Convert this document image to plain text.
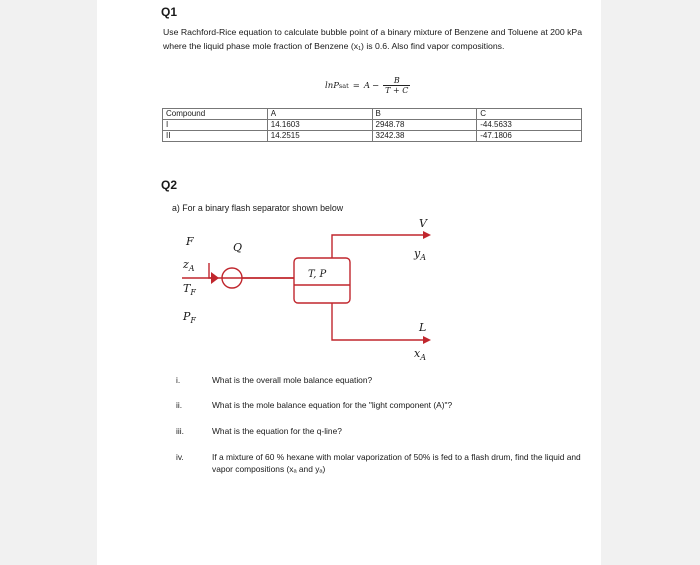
Q1
Use Rachford-Rice equation to calculate bubble point of a binary mixture of Benzene and Toluene at 200 kPa where the liquid phase mole fraction of Benzene (x₁) is 0.6. Also find vapor compositions.
lnP sat = $A - \frac{B}{T + C}$
Compound	A	B	C
I	14.1603	2948.78	-44.5633
II	14.2515	3242.38	-47.1806
Q2
a) For a binary flash separator shown below
F
$z_A$
$T_F$
$P_F$
Q
T, P
V
$y_A$
L
$x_A$
i.	What is the overall mole balance equation?
ii.	What is the mole balance equation for the "light component (A)"?
iii.	What is the equation for the q-line?
iv.	If a mixture of 60 % hexane with molar vaporization of 50% is fed to a flash drum, find the liquid and vapor compositions (xₐ and yₐ)
